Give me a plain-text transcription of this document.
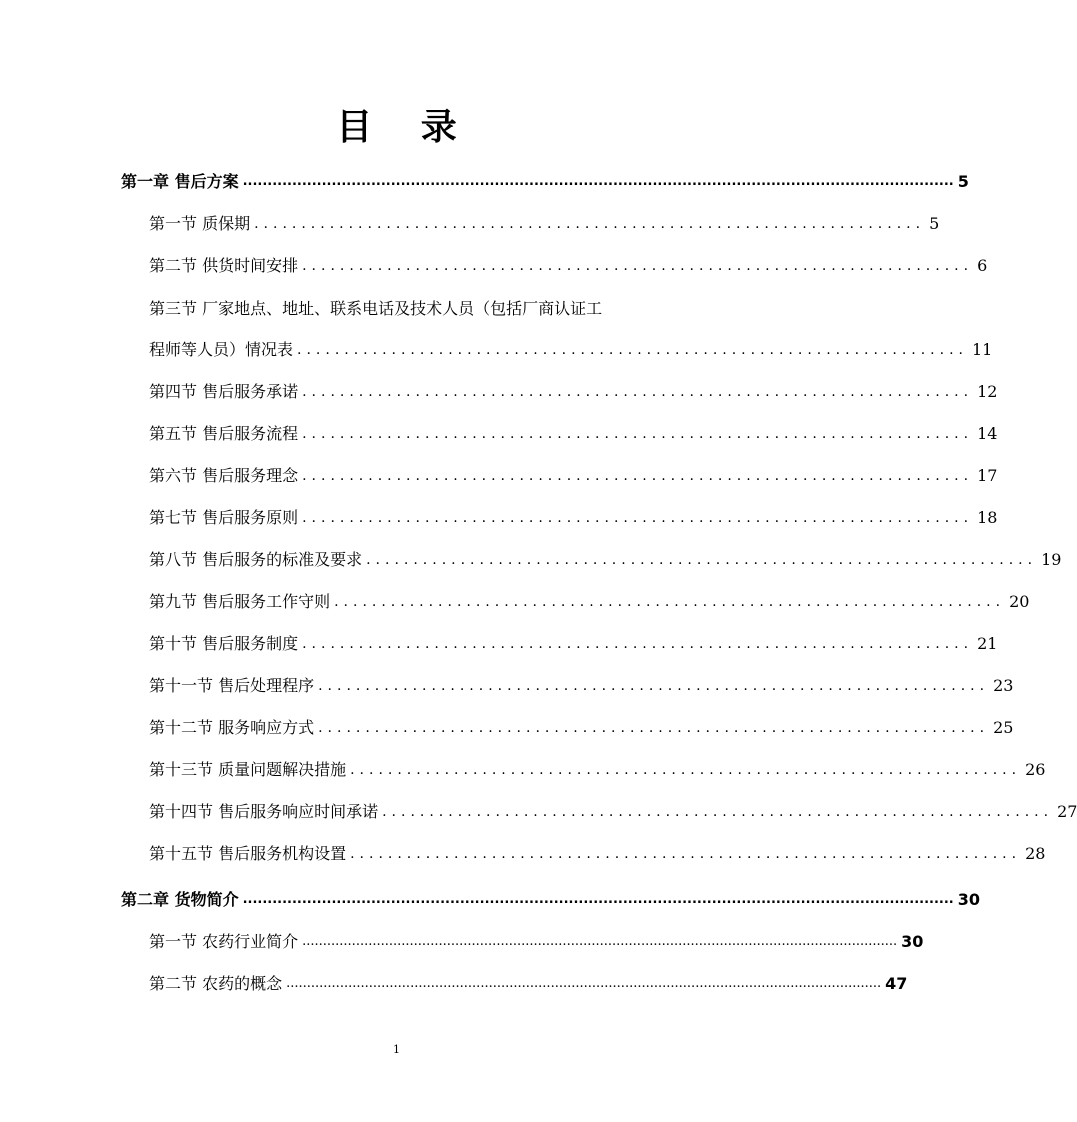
目 录
第一章 售后方案 ................................................................................................................................................ 5
第一节 质保期 ....................................................................... 5
第二节 供货时间安排 ....................................................................... 6
第三节 厂家地点、地址、联系电话及技术人员（包括厂商认证工
程师等人员）情况表 ....................................................................... 11
第四节 售后服务承诺 ....................................................................... 12
第五节 售后服务流程 ....................................................................... 14
第六节 售后服务理念 ....................................................................... 17
第七节 售后服务原则 ....................................................................... 18
第八节 售后服务的标准及要求 ....................................................................... 19
第九节 售后服务工作守则 ....................................................................... 20
第十节 售后服务制度 ....................................................................... 21
第十一节 售后处理程序 ....................................................................... 23
第十二节 服务响应方式 ....................................................................... 25
第十三节 质量问题解决措施 ....................................................................... 26
第十四节 售后服务响应时间承诺 ....................................................................... 27
第十五节 售后服务机构设置 ....................................................................... 28
第二章 货物简介 ................................................................................................................................................ 30
第一节 农药行业简介 ................................................................................................................................................ 30
第二节 农药的概念 ................................................................................................................................................ 47
1
